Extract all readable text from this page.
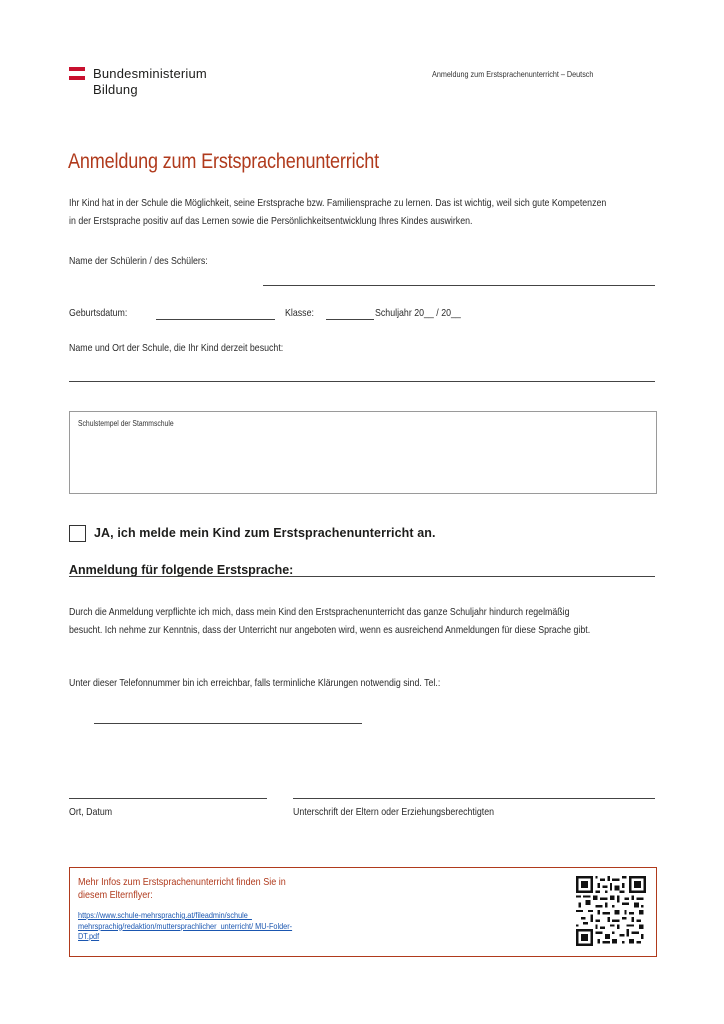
Bundesministerium
Bildung
Anmeldung zum Erstsprachenunterricht – Deutsch
Anmeldung zum Erstsprachenunterricht
Ihr Kind hat in der Schule die Möglichkeit, seine Erstsprache bzw. Familiensprache zu lernen. Das ist wichtig, weil sich gute Kompetenzen
in der Erstsprache positiv auf das Lernen sowie die Persönlichkeitsentwicklung Ihres Kindes auswirken.
Name der Schülerin / des Schülers:
Geburtsdatum:	Klasse:	Schuljahr 20__ / 20__
Name und Ort der Schule, die Ihr Kind derzeit besucht:
Schulstempel der Stammschule
JA, ich melde mein Kind zum Erstsprachenunterricht an.
Anmeldung für folgende Erstsprache:
Durch die Anmeldung verpflichte ich mich, dass mein Kind den Erstsprachenunterricht das ganze Schuljahr hindurch regelmäßig
besucht. Ich nehme zur Kenntnis, dass der Unterricht nur angeboten wird, wenn es ausreichend Anmeldungen für diese Sprache gibt.
Unter dieser Telefonnummer bin ich erreichbar, falls terminliche Klärungen notwendig sind. Tel.:
Ort, Datum	Unterschrift der Eltern oder Erziehungsberechtigten
Mehr Infos zum Erstsprachenunterricht finden Sie in
diesem Elternflyer:
https://www.schule-mehrsprachig.at/fileadmin/schule_
mehrsprachig/redaktion/muttersprachlicher_unterricht/ MU-Folder-
DT.pdf
